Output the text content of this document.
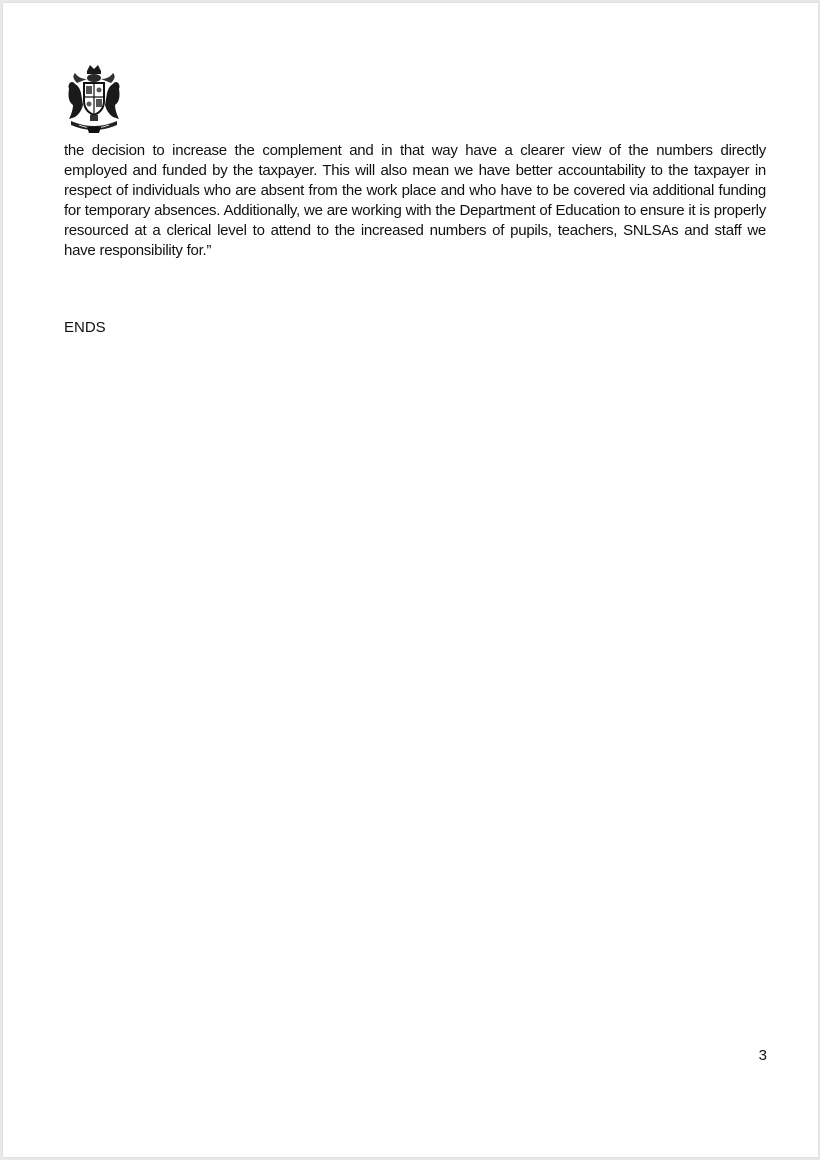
the decision to increase the complement and in that way have a clearer view of the numbers directly employed and funded by the taxpayer. This will also mean we have better accountability to the taxpayer in respect of individuals who are absent from the work place and who have to be covered via additional funding for temporary absences. Additionally, we are working with the Department of Education to ensure it is properly resourced at a clerical level to attend to the increased numbers of pupils, teachers, SNLSAs and staff we have responsibility for.”

ENDS
3
